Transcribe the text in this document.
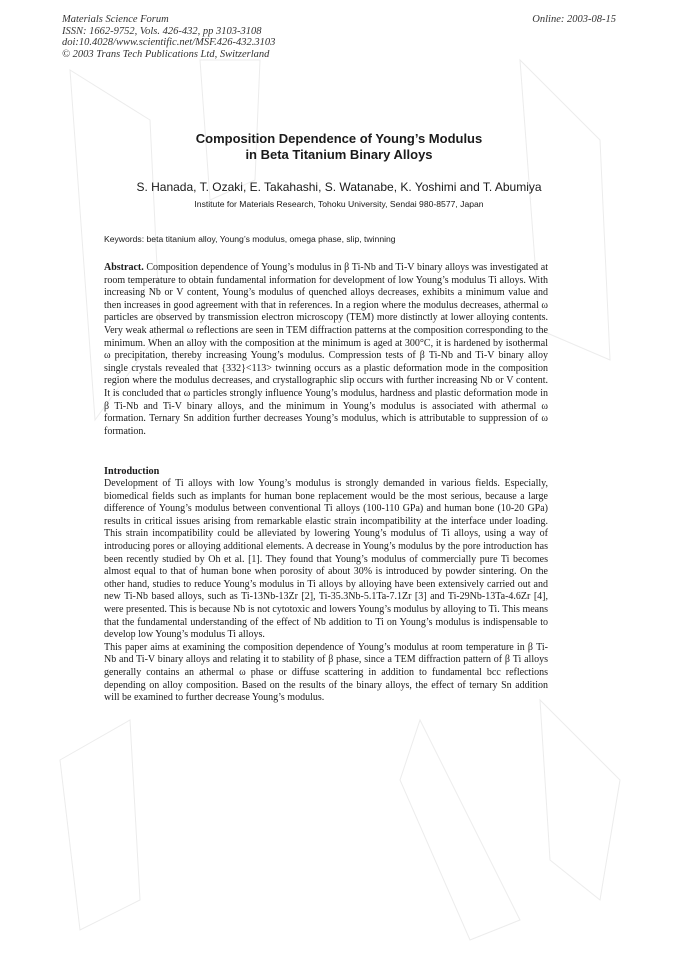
Materials Science Forum
ISSN: 1662-9752, Vols. 426-432, pp 3103-3108
doi:10.4028/www.scientific.net/MSF.426-432.3103
© 2003 Trans Tech Publications Ltd, Switzerland
Online: 2003-08-15
Composition Dependence of Young’s Modulus
in Beta Titanium Binary Alloys
S. Hanada, T. Ozaki, E. Takahashi, S. Watanabe, K. Yoshimi and T. Abumiya
Institute for Materials Research, Tohoku University, Sendai 980-8577, Japan
Keywords: beta titanium alloy, Young’s modulus, omega phase, slip, twinning
Abstract. Composition dependence of Young’s modulus in β Ti-Nb and Ti-V binary alloys was investigated at room temperature to obtain fundamental information for development of low Young’s modulus Ti alloys. With increasing Nb or V content, Young’s modulus of quenched alloys decreases, exhibits a minimum value and then increases in good agreement with that in references. In a region where the modulus decreases, athermal ω particles are observed by transmission electron microscopy (TEM) more distinctly at lower alloying contents. Very weak athermal ω reflections are seen in TEM diffraction patterns at the composition corresponding to the minimum. When an alloy with the composition at the minimum is aged at 300°C, it is hardened by isothermal ω precipitation, thereby increasing Young’s modulus. Compression tests of β Ti-Nb and Ti-V binary alloy single crystals revealed that {332}<113> twinning occurs as a plastic deformation mode in the composition region where the modulus decreases, and crystallographic slip occurs with further increasing Nb or V content. It is concluded that ω particles strongly influence Young’s modulus, hardness and plastic deformation mode in β Ti-Nb and Ti-V binary alloys, and the minimum in Young’s modulus is associated with athermal ω formation. Ternary Sn addition further decreases Young’s modulus, which is attributable to suppression of ω formation.
Introduction

Development of Ti alloys with low Young’s modulus is strongly demanded in various fields. Especially, biomedical fields such as implants for human bone replacement would be the most serious, because a large difference of Young’s modulus between conventional Ti alloys (100-110 GPa) and human bone (10-20 GPa) results in critical issues arising from remarkable elastic strain incompatibility at the interface under loading. This strain incompatibility could be alleviated by lowering Young’s modulus of Ti alloys, using a way of introducing pores or alloying additional elements. A decrease in Young’s modulus by the pore introduction has been recently studied by Oh et al. [1]. They found that Young’s modulus of commercially pure Ti becomes almost equal to that of human bone when porosity of about 30% is introduced by powder sintering. On the other hand, studies to reduce Young’s modulus in Ti alloys by alloying have been extensively carried out and new Ti-Nb based alloys, such as Ti-13Nb-13Zr [2], Ti-35.3Nb-5.1Ta-7.1Zr [3] and Ti-29Nb-13Ta-4.6Zr [4], were presented. This is because Nb is not cytotoxic and lowers Young’s modulus by alloying to Ti. This means that the fundamental understanding of the effect of Nb addition to Ti on Young’s modulus is indispensable to develop low Young’s modulus Ti alloys.

This paper aims at examining the composition dependence of Young’s modulus at room temperature in β Ti-Nb and Ti-V binary alloys and relating it to stability of β phase, since a TEM diffraction pattern of β Ti alloys generally contains an athermal ω phase or diffuse scattering in addition to fundamental bcc reflections depending on alloy composition. Based on the results of the binary alloys, the effect of ternary Sn addition will be examined to further decrease Young’s modulus.
